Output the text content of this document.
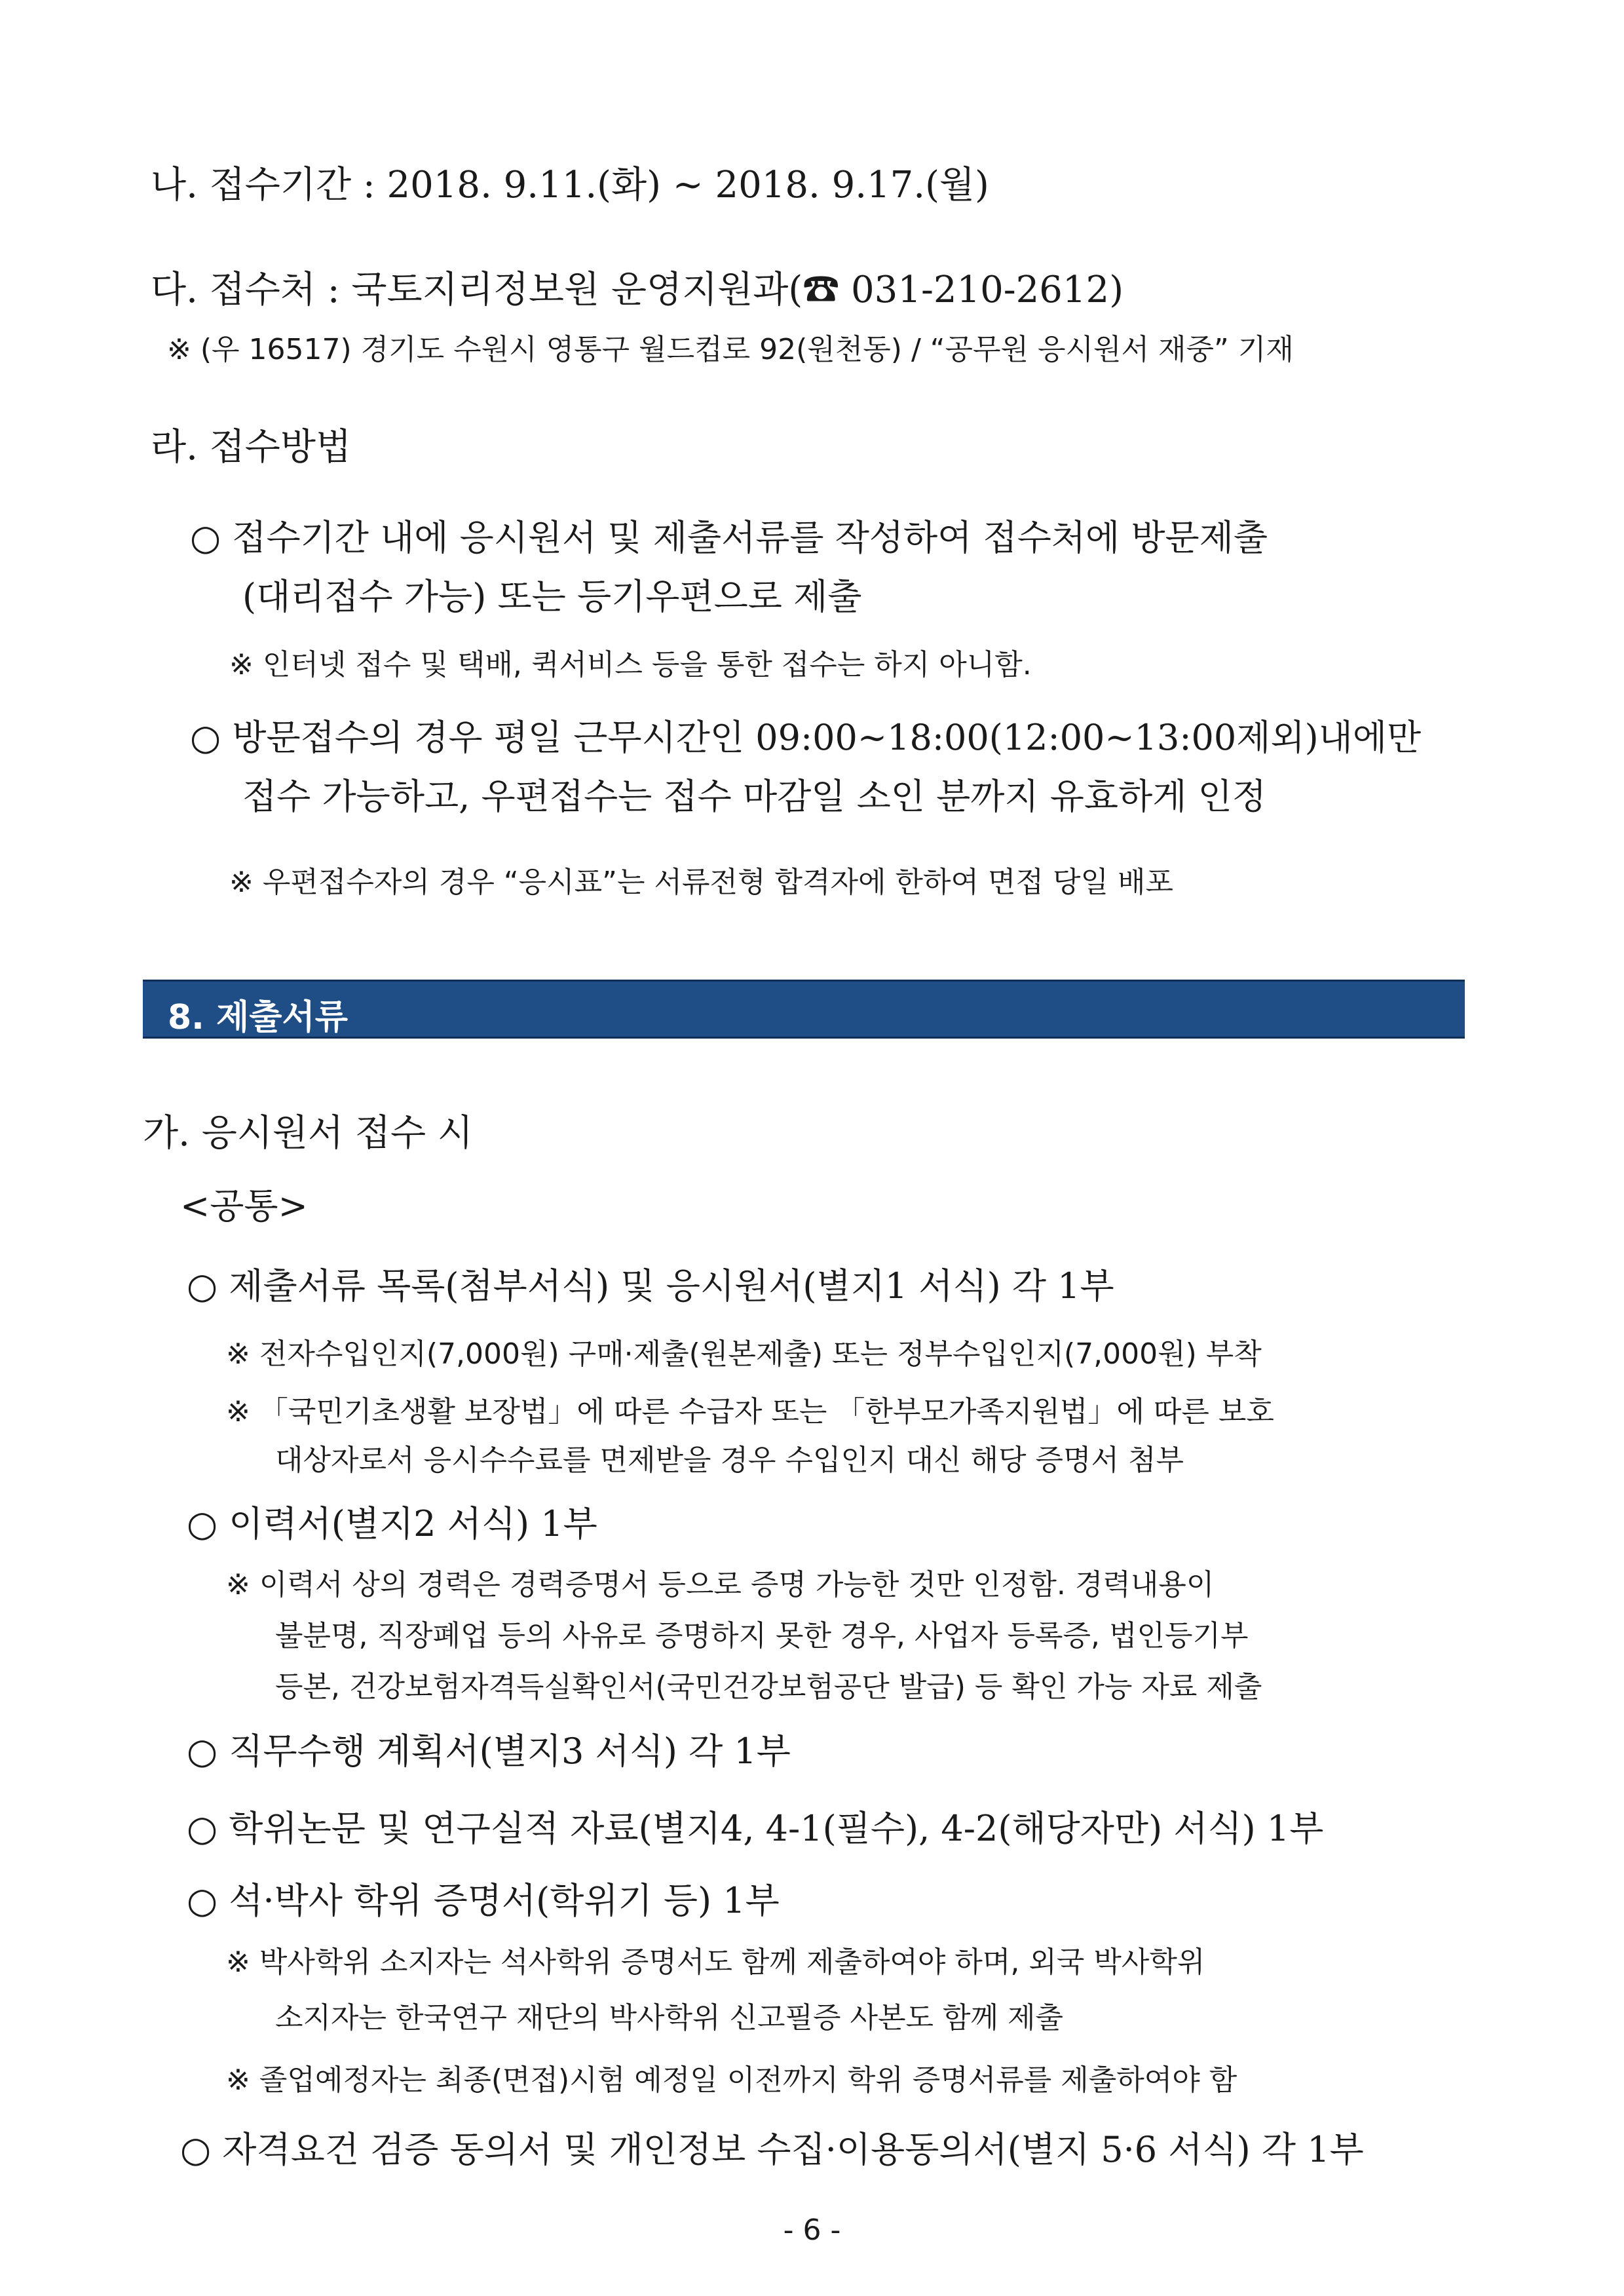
나. 접수기간 : 2018. 9.11.(화) ~ 2018. 9.17.(월)
다. 접수처 : 국토지리정보원 운영지원과(☎ 031-210-2612)
※ (우 16517) 경기도 수원시 영통구 월드컵로 92(원천동) / “공무원 응시원서 재중” 기재
라. 접수방법
○ 접수기간 내에 응시원서 및 제출서류를 작성하여 접수처에 방문제출
(대리접수 가능) 또는 등기우편으로 제출
※ 인터넷 접수 및 택배, 퀵서비스 등을 통한 접수는 하지 아니함.
○ 방문접수의 경우 평일 근무시간인 09:00~18:00(12:00~13:00제외)내에만
접수 가능하고, 우편접수는 접수 마감일 소인 분까지 유효하게 인정
※ 우편접수자의 경우 “응시표”는 서류전형 합격자에 한하여 면접 당일 배포
8. 제출서류
가. 응시원서 접수 시
<공통>
○ 제출서류 목록(첨부서식) 및 응시원서(별지1 서식) 각 1부
※ 전자수입인지(7,000원) 구매·제출(원본제출) 또는 정부수입인지(7,000원) 부착
※ 「국민기초생활 보장법」에 따른 수급자 또는 「한부모가족지원법」에 따른 보호
대상자로서 응시수수료를 면제받을 경우 수입인지 대신 해당 증명서 첨부
○ 이력서(별지2 서식) 1부
※ 이력서 상의 경력은 경력증명서 등으로 증명 가능한 것만 인정함. 경력내용이
불분명, 직장폐업 등의 사유로 증명하지 못한 경우, 사업자 등록증, 법인등기부
등본, 건강보험자격득실확인서(국민건강보험공단 발급) 등 확인 가능 자료 제출
○ 직무수행 계획서(별지3 서식) 각 1부
○ 학위논문 및 연구실적 자료(별지4, 4-1(필수), 4-2(해당자만) 서식) 1부
○ 석·박사 학위 증명서(학위기 등) 1부
※ 박사학위 소지자는 석사학위 증명서도 함께 제출하여야 하며, 외국 박사학위
소지자는 한국연구 재단의 박사학위 신고필증 사본도 함께 제출
※ 졸업예정자는 최종(면접)시험 예정일 이전까지 학위 증명서류를 제출하여야 함
○ 자격요건 검증 동의서 및 개인정보 수집·이용동의서(별지 5·6 서식) 각 1부
- 6 -
